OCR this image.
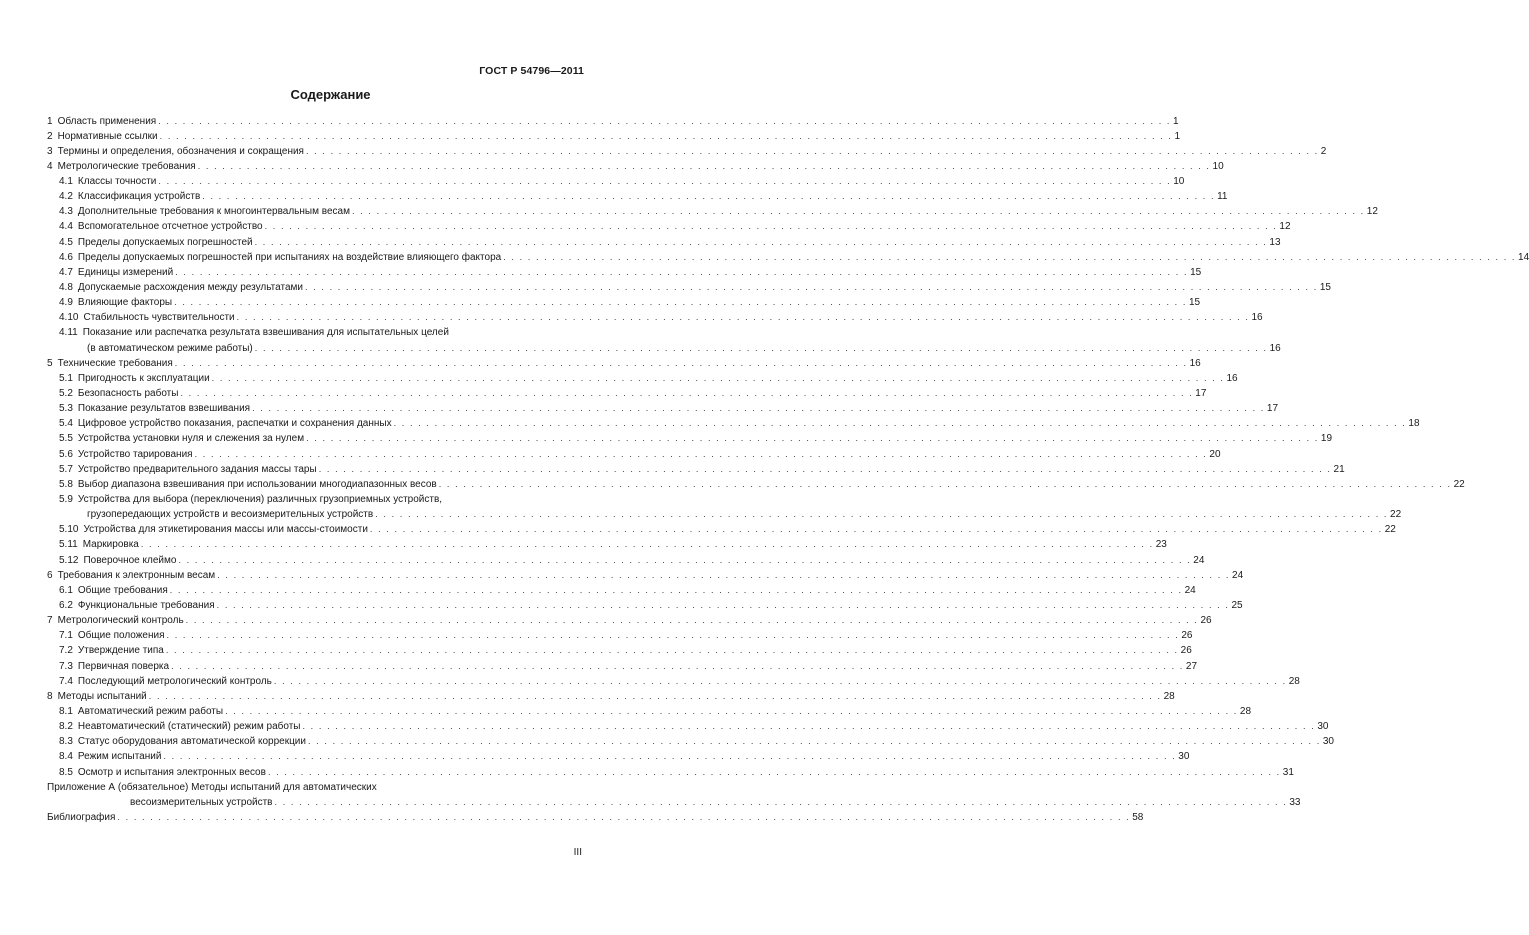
ГОСТ Р 54796—2011
Содержание
1 Область применения . . .	1
2 Нормативные ссылки . . .	1
3 Термины и определения, обозначения и сокращения . . .	2
4 Метрологические требования . . .	10
4.1 Классы точности . . .	10
4.2 Классификация устройств . . .	11
4.3 Дополнительные требования к многоинтервальным весам . . .	12
4.4 Вспомогательное отсчетное устройство . . .	12
4.5 Пределы допускаемых погрешностей . . .	13
4.6 Пределы допускаемых погрешностей при испытаниях на воздействие влияющего фактора . . .	14
4.7 Единицы измерений . . .	15
4.8 Допускаемые расхождения между результатами . . .	15
4.9 Влияющие факторы . . .	15
4.10 Стабильность чувствительности . . .	16
4.11 Показание или распечатка результата взвешивания для испытательных целей
(в автоматическом режиме работы) . . .	16
5 Технические требования . . .	16
5.1 Пригодность к эксплуатации . . .	16
5.2 Безопасность работы . . .	17
5.3 Показание результатов взвешивания . . .	17
5.4 Цифровое устройство показания, распечатки и сохранения данных . . .	18
5.5 Устройства установки нуля и слежения за нулем . . .	19
5.6 Устройство тарирования . . .	20
5.7 Устройство предварительного задания массы тары . . .	21
5.8 Выбор диапазона взвешивания при использовании многодиапазонных весов . . .	22
5.9 Устройства для выбора (переключения) различных грузоприемных устройств,
грузопередающих устройств и весоизмерительных устройств . . .	22
5.10 Устройства для этикетирования массы или массы-стоимости . . .	22
5.11 Маркировка . . .	23
5.12 Поверочное клеймо . . .	24
6 Требования к электронным весам . . .	24
6.1 Общие требования . . .	24
6.2 Функциональные требования . . .	25
7 Метрологический контроль . . .	26
7.1 Общие положения . . .	26
7.2 Утверждение типа . . .	26
7.3 Первичная поверка . . .	27
7.4 Последующий метрологический контроль . . .	28
8 Методы испытаний . . .	28
8.1 Автоматический режим работы . . .	28
8.2 Неавтоматический (статический) режим работы . . .	30
8.3 Статус оборудования автоматической коррекции . . .	30
8.4 Режим испытаний . . .	30
8.5 Осмотр и испытания электронных весов . . .	31
Приложение А (обязательное) Методы испытаний для автоматических
весоизмерительных устройств . . .	33
Библиография . . .	58
III
